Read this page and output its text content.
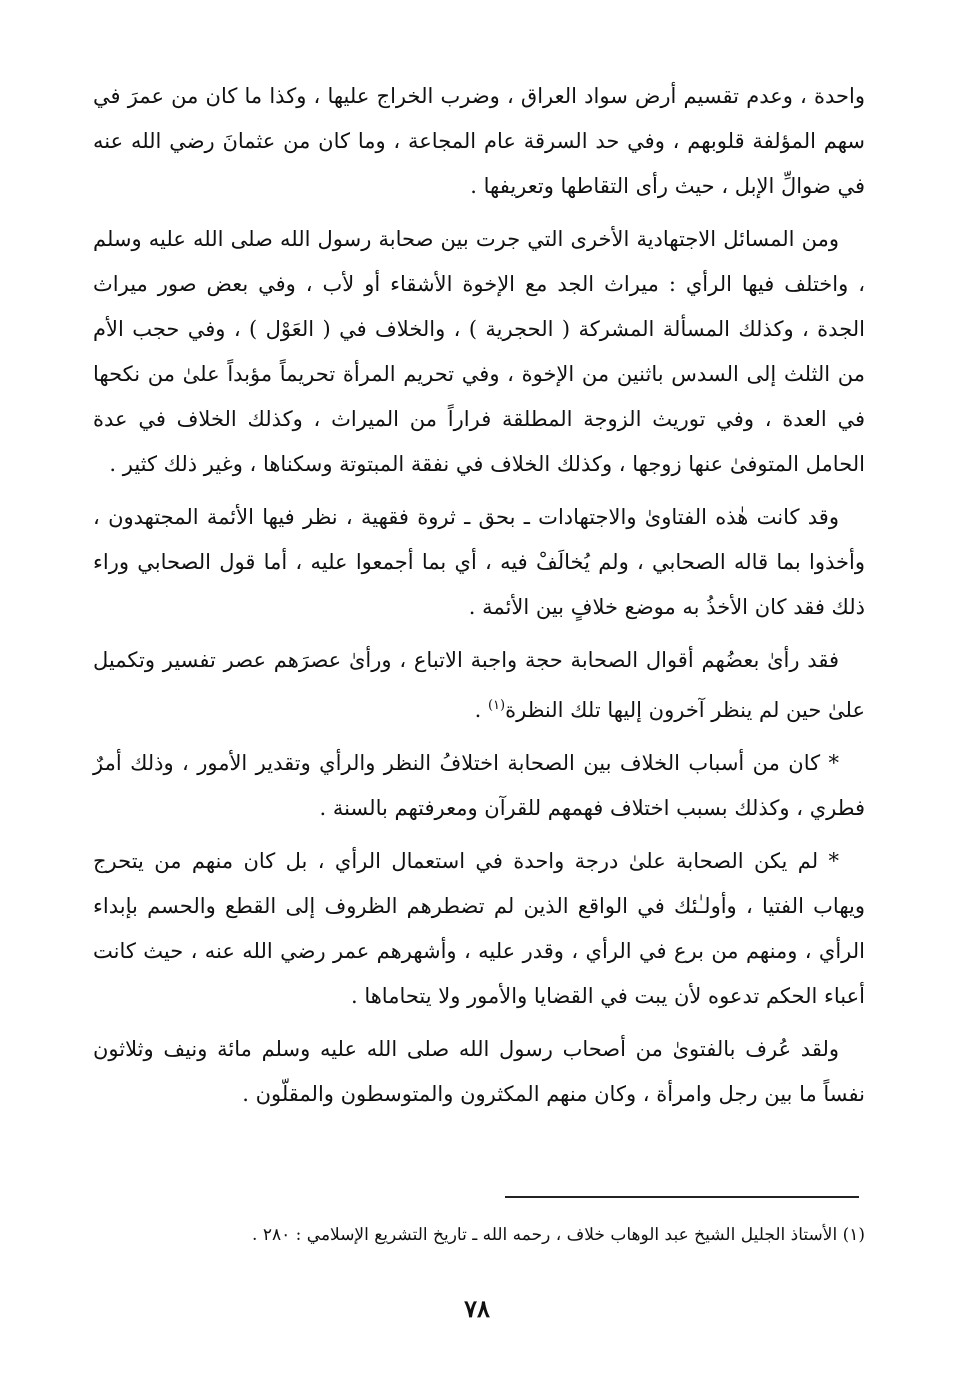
واحدة ، وعدم تقسيم أرض سواد العراق ، وضرب الخراج عليها ، وكذا ما كان من عمرَ في سهم المؤلفة قلوبهم ، وفي حد السرقة عام المجاعة ، وما كان من عثمانَ رضي الله عنه في ضوالِّ الإبل ، حيث رأى التقاطها وتعريفها .

ومن المسائل الاجتهادية الأخرى التي جرت بين صحابة رسول الله صلى الله عليه وسلم ، واختلف فيها الرأي : ميراث الجد مع الإخوة الأشقاء أو لأب ، وفي بعض صور ميراث الجدة ، وكذلك المسألة المشركة ( الحجرية ) ، والخلاف في ( العَوْل ) ، وفي حجب الأم من الثلث إلى السدس باثنين من الإخوة ، وفي تحريم المرأة تحريماً مؤبداً علىٰ من نكحها في العدة ، وفي توريث الزوجة المطلقة فراراً من الميراث ، وكذلك الخلاف في عدة الحامل المتوفىٰ عنها زوجها ، وكذلك الخلاف في نفقة المبتوتة وسكناها ، وغير ذلك كثير .

وقد كانت هٰذه الفتاوىٰ والاجتهادات ـ بحق ـ ثروة فقهية ، نظر فيها الأئمة المجتهدون ، وأخذوا بما قاله الصحابي ، ولم يُخالَفْ فيه ، أي بما أجمعوا عليه ، أما قول الصحابي وراء ذلك فقد كان الأخذُ به موضع خلافٍ بين الأئمة .

فقد رأىٰ بعضُهم أقوال الصحابة حجة واجبة الاتباع ، ورأىٰ عصرَهم عصر تفسير وتكميل علىٰ حين لم ينظر آخرون إليها تلك النظرة$^{(١)}$ .

* كان من أسباب الخلاف بين الصحابة اختلافُ النظر والرأي وتقدير الأمور ، وذلك أمرٌ فطري ، وكذلك بسبب اختلاف فهمهم للقرآن ومعرفتهم بالسنة .

* لم يكن الصحابة علىٰ درجة واحدة في استعمال الرأي ، بل كان منهم من يتحرج ويهاب الفتيا ، وأولـٰئك في الواقع الذين لم تضطرهم الظروف إلى القطع والحسم بإبداء الرأي ، ومنهم من برع في الرأي ، وقدر عليه ، وأشهرهم عمر رضي الله عنه ، حيث كانت أعباء الحكم تدعوه لأن يبت في القضايا والأمور ولا يتحاماها .

ولقد عُرف بالفتوىٰ من أصحاب رسول الله صلى الله عليه وسلم مائة ونيف وثلاثون نفساً ما بين رجل وامرأة ، وكان منهم المكثرون والمتوسطون والمقلّون .

(١) الأستاذ الجليل الشيخ عبد الوهاب خلاف ، رحمه الله ـ تاريخ التشريع الإسلامي : ٢٨٠ .
٧٨
